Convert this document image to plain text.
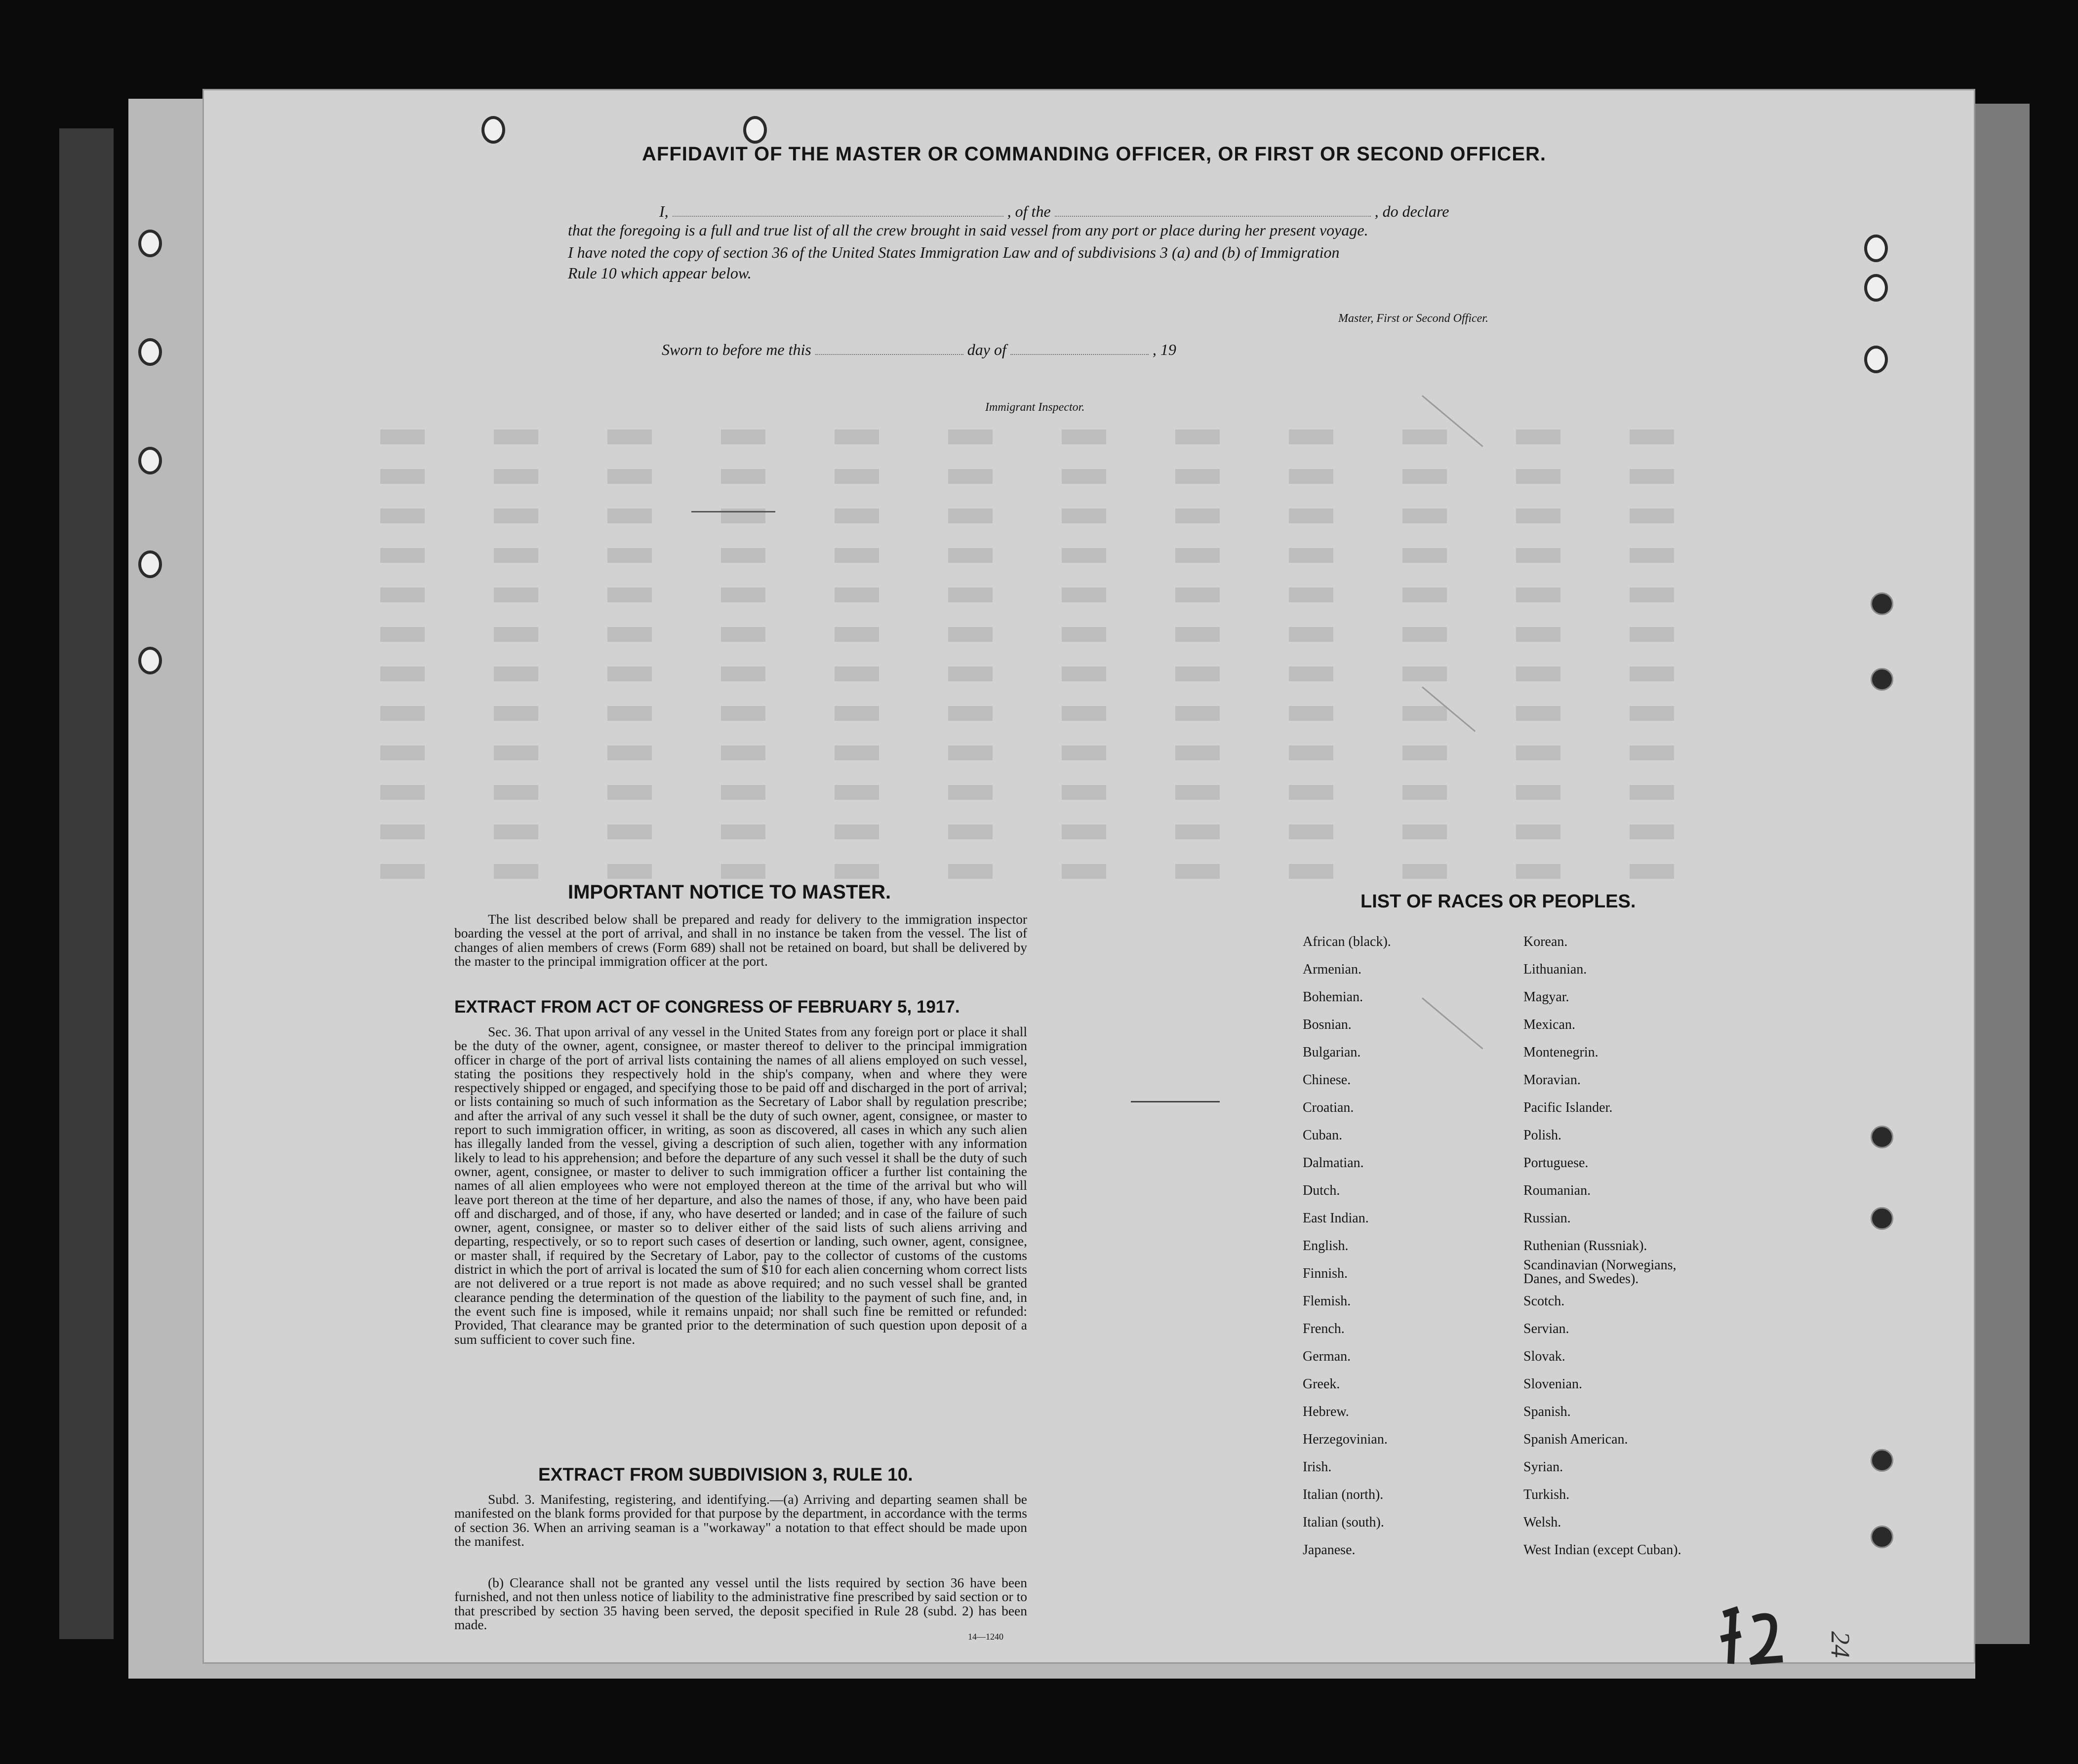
AFFIDAVIT OF THE MASTER OR COMMANDING OFFICER, OR FIRST OR SECOND OFFICER.
I,	, of the	, do declare
that the foregoing is a full and true list of all the crew brought in said vessel from any port or place during her present voyage.
I have noted the copy of section 36 of the United States Immigration Law and of subdivisions 3 (a) and (b) of Immigration
Rule 10 which appear below.
Master, First or Second Officer.
Sworn to before me this	day of	, 19
Immigrant Inspector.
IMPORTANT NOTICE TO MASTER.
The list described below shall be prepared and ready for delivery to the immigration inspector boarding the vessel at the port of arrival, and shall in no instance be taken from the vessel. The list of changes of alien members of crews (Form 689) shall not be retained on board, but shall be delivered by the master to the principal immigration officer at the port.
EXTRACT FROM ACT OF CONGRESS OF FEBRUARY 5, 1917.
Sec. 36. That upon arrival of any vessel in the United States from any foreign port or place it shall be the duty of the owner, agent, consignee, or master thereof to deliver to the principal immigration officer in charge of the port of arrival lists containing the names of all aliens employed on such vessel, stating the positions they respectively hold in the ship's company, when and where they were respectively shipped or engaged, and specifying those to be paid off and discharged in the port of arrival; or lists containing so much of such information as the Secretary of Labor shall by regulation prescribe; and after the arrival of any such vessel it shall be the duty of such owner, agent, consignee, or master to report to such immigration officer, in writing, as soon as discovered, all cases in which any such alien has illegally landed from the vessel, giving a description of such alien, together with any information likely to lead to his apprehension; and before the departure of any such vessel it shall be the duty of such owner, agent, consignee, or master to deliver to such immigration officer a further list containing the names of all alien employees who were not employed thereon at the time of the arrival but who will leave port thereon at the time of her departure, and also the names of those, if any, who have been paid off and discharged, and of those, if any, who have deserted or landed; and in case of the failure of such owner, agent, consignee, or master so to deliver either of the said lists of such aliens arriving and departing, respectively, or so to report such cases of desertion or landing, such owner, agent, consignee, or master shall, if required by the Secretary of Labor, pay to the collector of customs of the customs district in which the port of arrival is located the sum of $10 for each alien concerning whom correct lists are not delivered or a true report is not made as above required; and no such vessel shall be granted clearance pending the determination of the question of the liability to the payment of such fine, and, in the event such fine is imposed, while it remains unpaid; nor shall such fine be remitted or refunded: Provided, That clearance may be granted prior to the determination of such question upon deposit of a sum sufficient to cover such fine.
EXTRACT FROM SUBDIVISION 3, RULE 10.
Subd. 3. Manifesting, registering, and identifying.—(a) Arriving and departing seamen shall be manifested on the blank forms provided for that purpose by the department, in accordance with the terms of section 36. When an arriving seaman is a "workaway" a notation to that effect should be made upon the manifest.
(b) Clearance shall not be granted any vessel until the lists required by section 36 have been furnished, and not then unless notice of liability to the administrative fine prescribed by said section or to that prescribed by section 35 having been served, the deposit specified in Rule 28 (subd. 2) has been made.
14—1240
LIST OF RACES OR PEOPLES.
African (black).
Armenian.
Bohemian.
Bosnian.
Bulgarian.
Chinese.
Croatian.
Cuban.
Dalmatian.
Dutch.
East Indian.
English.
Finnish.
Flemish.
French.
German.
Greek.
Hebrew.
Herzegovinian.
Irish.
Italian (north).
Italian (south).
Japanese.
Korean.
Lithuanian.
Magyar.
Mexican.
Montenegrin.
Moravian.
Pacific Islander.
Polish.
Portuguese.
Roumanian.
Russian.
Ruthenian (Russniak).
Scandinavian (Norwegians,
Danes, and Swedes).
Scotch.
Servian.
Slovak.
Slovenian.
Spanish.
Spanish American.
Syrian.
Turkish.
Welsh.
West Indian (except Cuban).
24
